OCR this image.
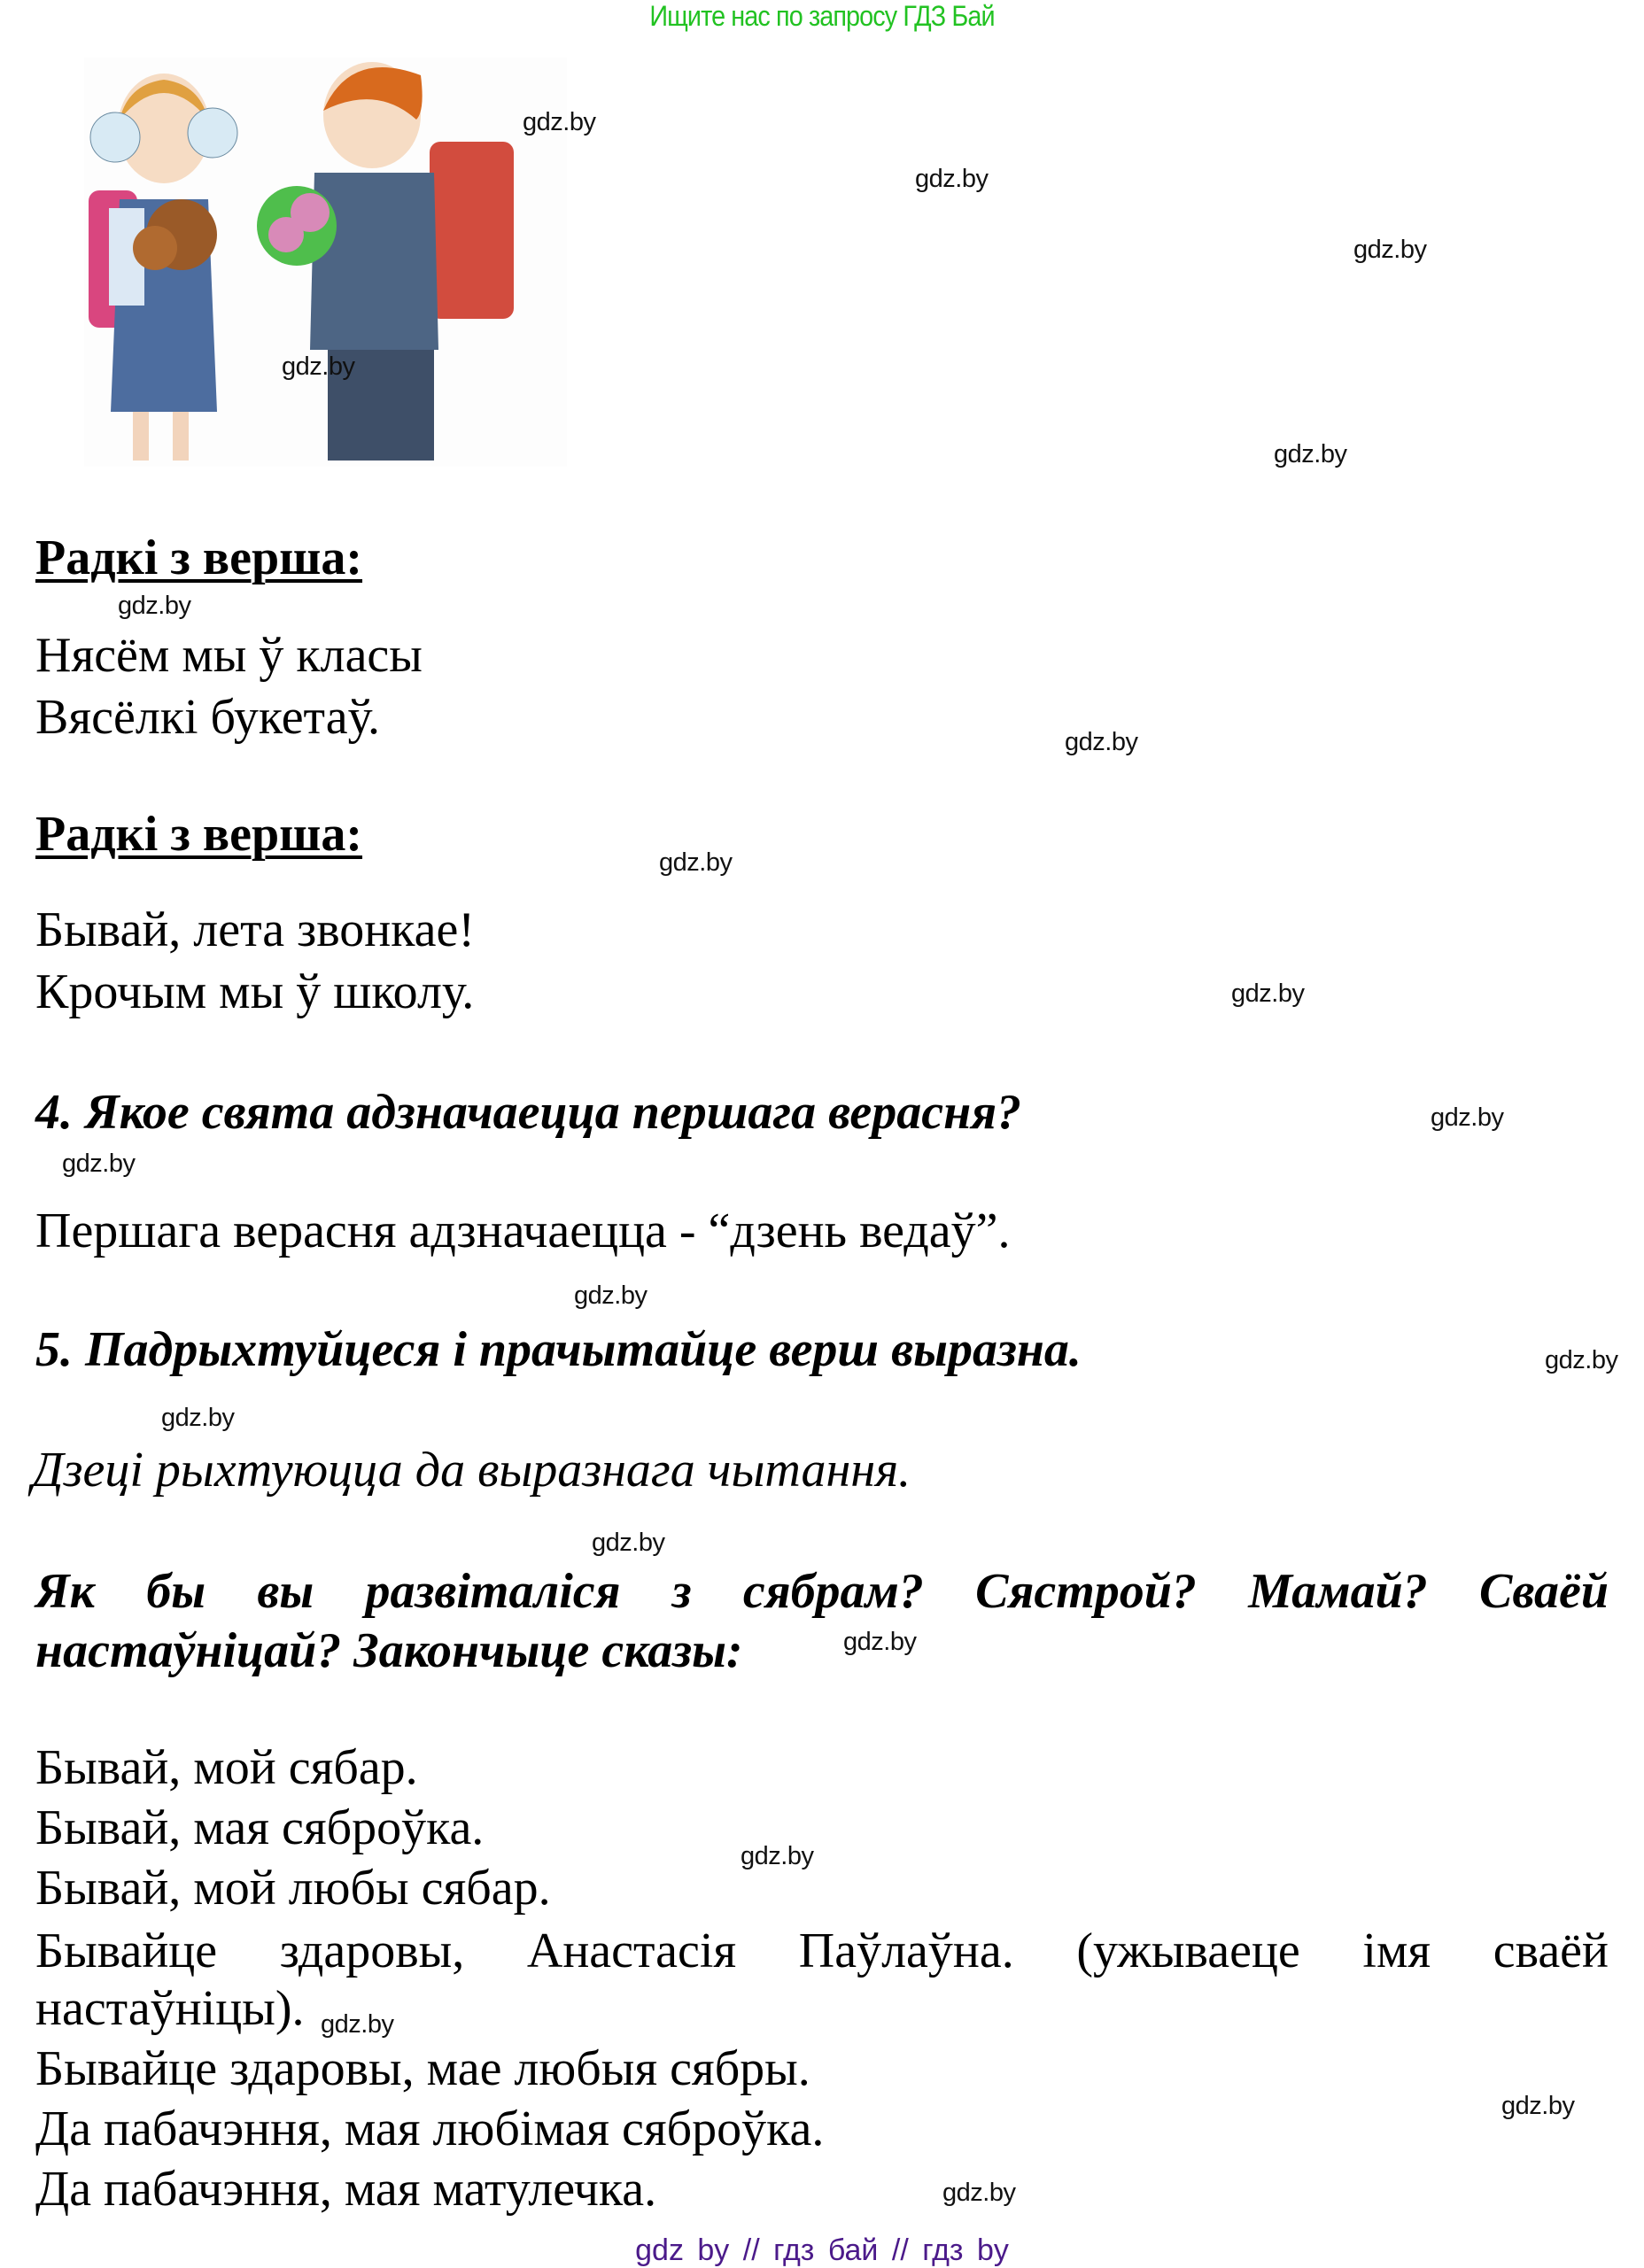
Ищите нас по запросу ГДЗ Бай
gdz.by
gdz.by
gdz.by
gdz.by
gdz.by
gdz.by
gdz.by
gdz.by
gdz.by
gdz.by
gdz.by
gdz.by
gdz.by
gdz.by
gdz.by
gdz.by
gdz.by
gdz.by
gdz.by
gdz.by
Радкі з верша:
Нясём мы ў класы
Вясёлкі букетаў.
Радкі з верша:
Бывай, лета звонкае!
Крочым мы ў школу.
4. Якое свята адзначаецца першага верасня?
Першага верасня адзначаецца - “дзень ведаў”.
5. Падрыхтуйцеся і прачытайце верш выразна.
Дзеці рыхтуюцца да выразнага чытання.
Як бы вы развіталіся з сябрам? Сястрой? Мамай? Сваёй
настаўніцай? Закончыце сказы:
Бывай, мой сябар.
Бывай, мая сяброўка.
Бывай, мой любы сябар.
Бывайце здаровы, Анастасія Паўлаўна. (ужываецe імя сваёй
настаўніцы).
Бывайце здаровы, мае любыя сябры.
Да пабачэння, мая любімая сяброўка.
Да пабачэння, мая матулечка.
gdz by // гдз бай // гдз by
